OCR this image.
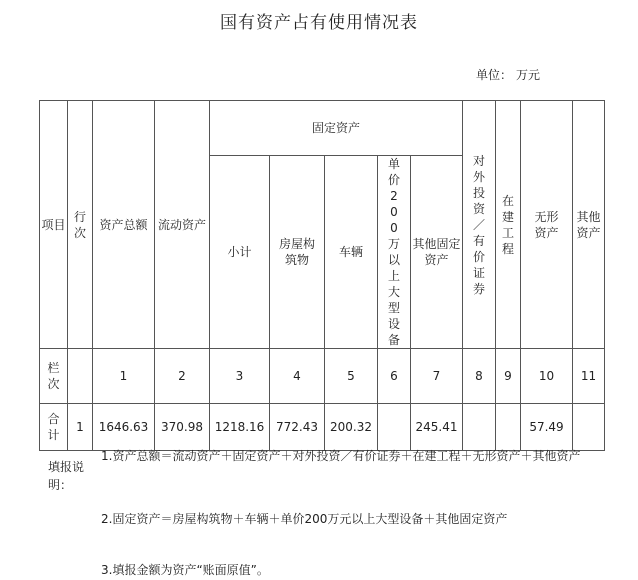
国有资产占有使用情况表
单位： 万元
项目	行次	资产总额	流动资产	固定资产					对外投资／有价证券	在建工程	无形资产	其他资产
				小计	房屋构筑物	车辆	单价200万以上大型设备	其他固定资产				
栏次		1	2	3	4	5	6	7	8	9	10	11
合计	1	1646.63	370.98	1218.16	772.43	200.32		245.41			57.49	
填报说明：
1.资产总额＝流动资产＋固定资产＋对外投资／有价证券＋在建工程＋无形资产＋其他资产
2.固定资产＝房屋构筑物＋车辆＋单价200万元以上大型设备＋其他固定资产
3.填报金额为资产“账面原值”。
